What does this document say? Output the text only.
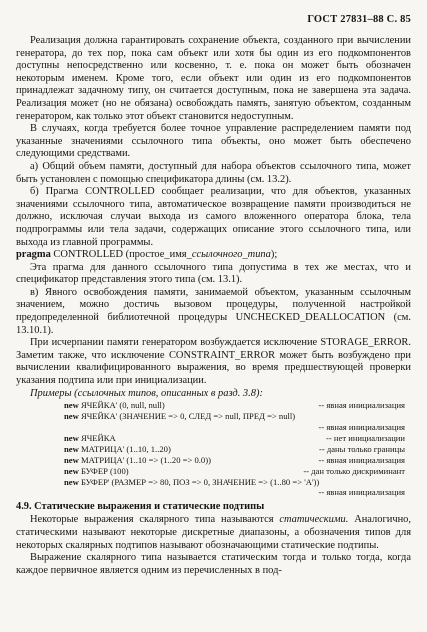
ГОСТ 27831–88 С. 85

Реализация должна гарантировать сохранение объекта, созданного при вычислении генератора, до тех пор, пока сам объект или хотя бы один из его подкомпонентов доступны непосредственно или косвенно, т. е. пока он может быть обозначен некоторым именем. Кроме того, если объект или один из его подкомпонентов принадлежат задачному типу, он считается доступным, пока не завершена эта задача. Реализация может (но не обязана) освобождать память, занятую объектом, созданным генератором, как только этот объект становится недоступным.

В случаях, когда требуется более точное управление распределением памяти под указанные значениями ссылочного типа объекты, оно может быть обеспечено следующими средствами.

а) Общий объем памяти, доступный для набора объектов ссылочного типа, может быть установлен с помощью спецификатора длины (см. 13.2).

б) Прагма CONTROLLED сообщает реализации, что для объектов, указанных значениями ссылочного типа, автоматическое возвращение памяти производиться не должно, исключая случаи выхода из самого вложенного оператора блока, тела подпрограммы или тела задачи, содержащих описание этого ссылочного типа, или выхода из главной программы.

pragma CONTROLLED (простое_имя_ссылочного_типа);

Эта прагма для данного ссылочного типа допустима в тех же местах, что и спецификатор представления этого типа (см. 13.1).

в) Явного освобождения памяти, занимаемой объектом, указанным ссылочным значением, можно достичь вызовом процедуры, полученной настройкой предопределенной библиотечной процедуры UNCHECKED_DEALLOCATION (см. 13.10.1).

При исчерпании памяти генератором возбуждается исключение STORAGE_ERROR. Заметим также, что исключение CONSTRAINT_ERROR может быть возбуждено при вычислении квалифицированного выражения, во время предшествующей проверки указания подтипа или при инициализации.

Примеры (ссылочных типов, описанных в разд. 3.8):

new ЯЧЕЙКА' (0, null, null)	-- явная инициализация
new ЯЧЕЙКА' (ЗНАЧЕНИЕ => 0, СЛЕД => null, ПРЕД => null)
-- явная инициализация
new ЯЧЕЙКА	-- нет инициализации
new МАТРИЦА' (1..10, 1..20)	-- даны только границы
new МАТРИЦА' (1..10 => (1..20 => 0.0))	-- явная инициализация
new БУФЕР (100)	-- дан только дискриминант
new БУФЕР' (РАЗМЕР => 80, ПОЗ => 0, ЗНАЧЕНИЕ => (1..80 => 'A'))
-- явная инициализация
4.9. Статические выражения и статические подтипы

Некоторые выражения скалярного типа называются статическими. Аналогично, статическими называют некоторые дискретные диапазоны, а обозначения типов для некоторых скалярных подтипов называют обозначающими статические подтипы.

Выражение скалярного типа называется статическим тогда и только тогда, когда каждое первичное является одним из перечисленных в под-
